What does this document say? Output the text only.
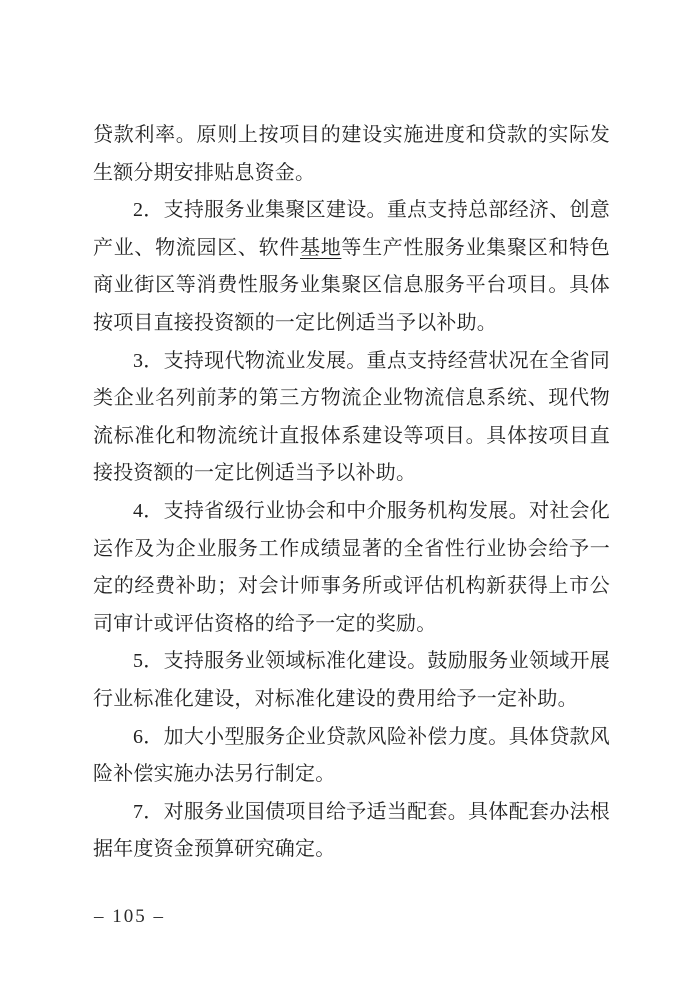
贷款利率。原则上按项目的建设实施进度和贷款的实际发生额分期安排贴息资金。

2．支持服务业集聚区建设。重点支持总部经济、创意产业、物流园区、软件基地等生产性服务业集聚区和特色商业街区等消费性服务业集聚区信息服务平台项目。具体按项目直接投资额的一定比例适当予以补助。

3．支持现代物流业发展。重点支持经营状况在全省同类企业名列前茅的第三方物流企业物流信息系统、现代物流标准化和物流统计直报体系建设等项目。具体按项目直接投资额的一定比例适当予以补助。

4．支持省级行业协会和中介服务机构发展。对社会化运作及为企业服务工作成绩显著的全省性行业协会给予一定的经费补助；对会计师事务所或评估机构新获得上市公司审计或评估资格的给予一定的奖励。

5．支持服务业领域标准化建设。鼓励服务业领域开展行业标准化建设，对标准化建设的费用给予一定补助。

6．加大小型服务企业贷款风险补偿力度。具体贷款风险补偿实施办法另行制定。

7．对服务业国债项目给予适当配套。具体配套办法根据年度资金预算研究确定。

– 105 –
